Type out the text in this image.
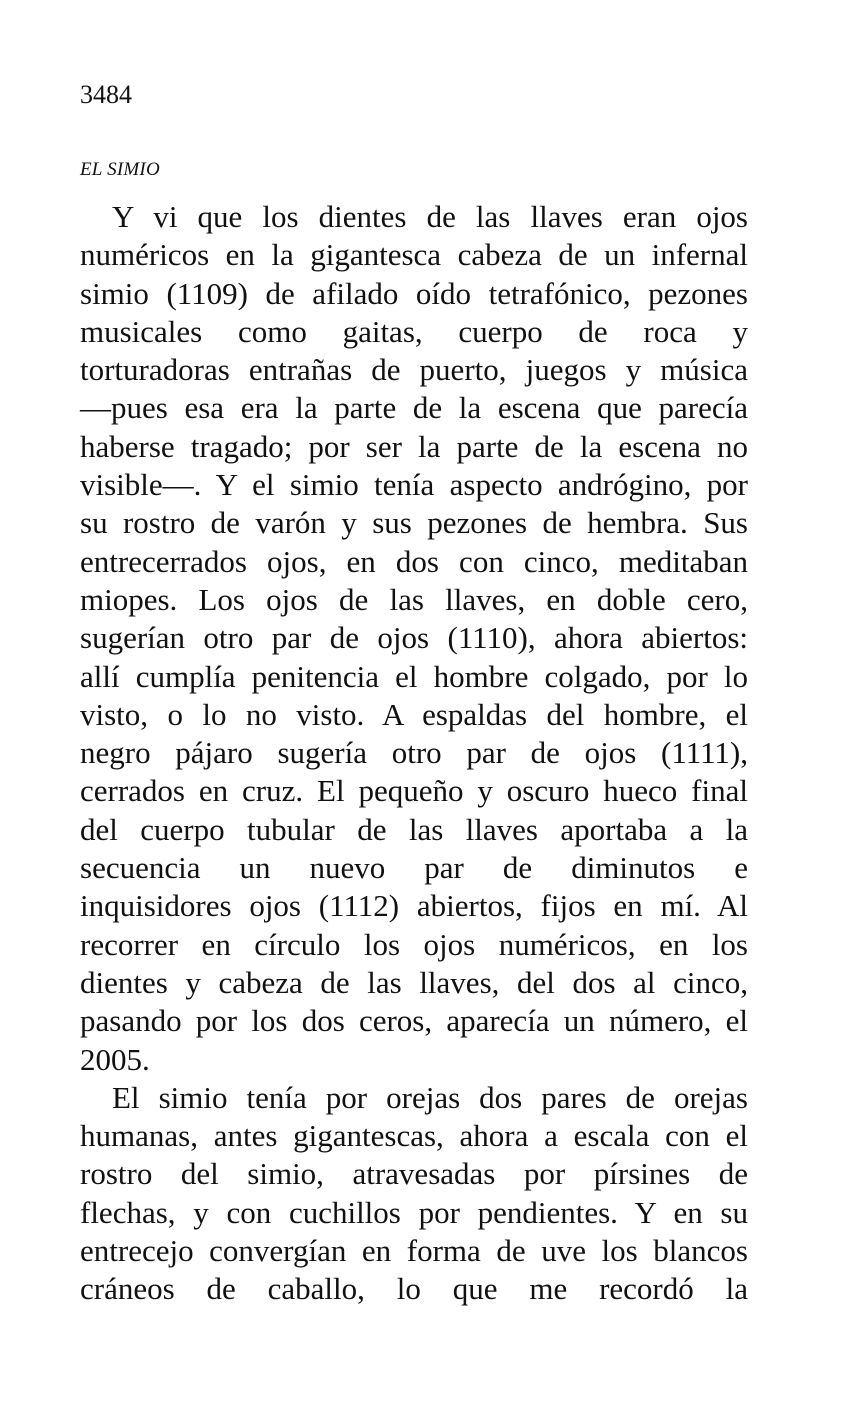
3484
EL SIMIO
Y vi que los dientes de las llaves eran ojos
numéricos en la gigantesca cabeza de un infernal
simio (1109) de afilado oído tetrafónico, pezones
musicales como gaitas, cuerpo de roca y
torturadoras entrañas de puerto, juegos y música
—pues esa era la parte de la escena que parecía
haberse tragado; por ser la parte de la escena no
visible—. Y el simio tenía aspecto andrógino, por
su rostro de varón y sus pezones de hembra. Sus
entrecerrados ojos, en dos con cinco, meditaban
miopes. Los ojos de las llaves, en doble cero,
sugerían otro par de ojos (1110), ahora abiertos:
allí cumplía penitencia el hombre colgado, por lo
visto, o lo no visto. A espaldas del hombre, el
negro pájaro sugería otro par de ojos (1111),
cerrados en cruz. El pequeño y oscuro hueco final
del cuerpo tubular de las llaves aportaba a la
secuencia un nuevo par de diminutos e
inquisidores ojos (1112) abiertos, fijos en mí. Al
recorrer en círculo los ojos numéricos, en los
dientes y cabeza de las llaves, del dos al cinco,
pasando por los dos ceros, aparecía un número, el
2005.
El simio tenía por orejas dos pares de orejas
humanas, antes gigantescas, ahora a escala con el
rostro del simio, atravesadas por pírsines de
flechas, y con cuchillos por pendientes. Y en su
entrecejo convergían en forma de uve los blancos
cráneos de caballo, lo que me recordó la
